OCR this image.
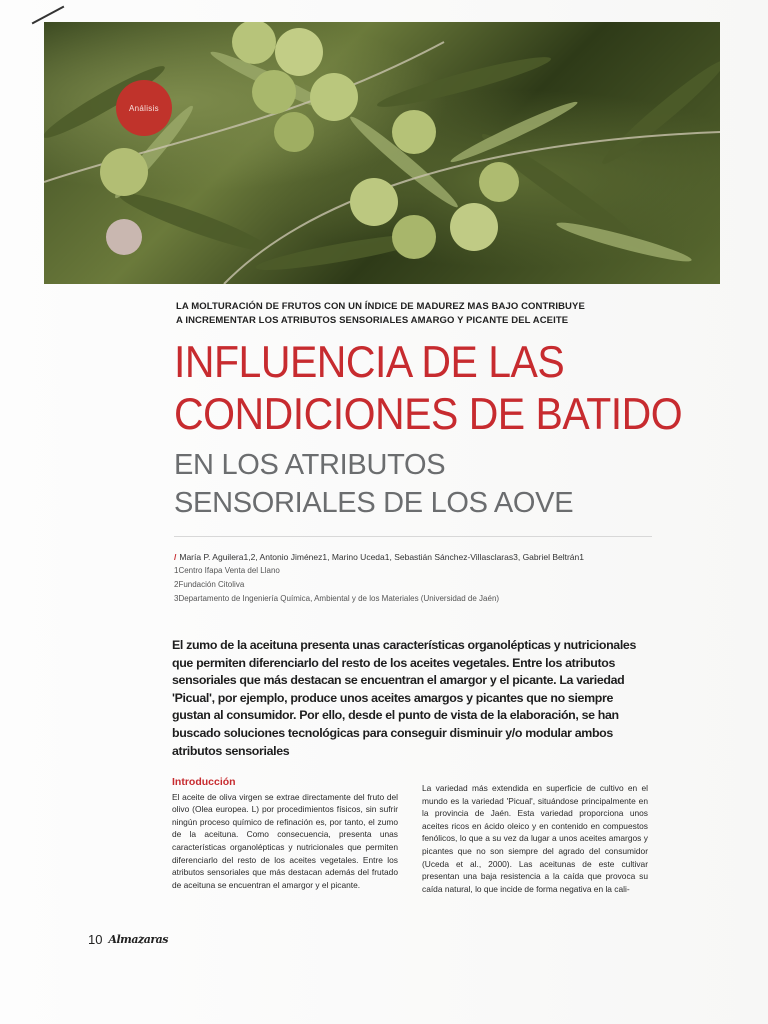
Análisis
LA MOLTURACIÓN DE FRUTOS CON UN ÍNDICE DE MADUREZ MAS BAJO CONTRIBUYE
A INCREMENTAR LOS ATRIBUTOS SENSORIALES AMARGO Y PICANTE DEL ACEITE
INFLUENCIA DE LAS
CONDICIONES DE BATIDO
EN LOS ATRIBUTOS
SENSORIALES DE LOS AOVE
/ María P. Aguilera1,2, Antonio Jiménez1, Marino Uceda1, Sebastián Sánchez-Villasclaras3, Gabriel Beltrán1
1Centro Ifapa Venta del Llano
2Fundación Citoliva
3Departamento de Ingeniería Química, Ambiental y de los Materiales (Universidad de Jaén)
El zumo de la aceituna presenta unas características organolépticas y nutricionales que permiten diferenciarlo del resto de los aceites vegetales. Entre los atributos sensoriales que más destacan se encuentran el amargor y el picante. La variedad 'Picual', por ejemplo, produce unos aceites amargos y picantes que no siempre gustan al consumidor. Por ello, desde el punto de vista de la elaboración, se han buscado soluciones tecnológicas para conseguir disminuir y/o modular ambos atributos sensoriales
Introducción

El aceite de oliva virgen se extrae directamente del fruto del olivo (Olea europea. L) por procedimientos físicos, sin sufrir ningún proceso químico de refinación es, por tanto, el zumo de la aceituna. Como consecuencia, presenta unas características organolépticas y nutricionales que permiten diferenciarlo del resto de los aceites vegetales. Entre los atributos sensoriales que más destacan además del frutado de aceituna se encuentran el amargor y el picante.

La variedad más extendida en superficie de cultivo en el mundo es la variedad 'Picual', situándose principalmente en la provincia de Jaén. Esta variedad proporciona unos aceites ricos en ácido oleico y en contenido en compuestos fenólicos, lo que a su vez da lugar a unos aceites amargos y picantes que no son siempre del agrado del consumidor (Uceda et al., 2000). Las aceitunas de este cultivar presentan una baja resistencia a la caída que provoca su caída natural, lo que incide de forma negativa en la cali-

10 Almazaras
